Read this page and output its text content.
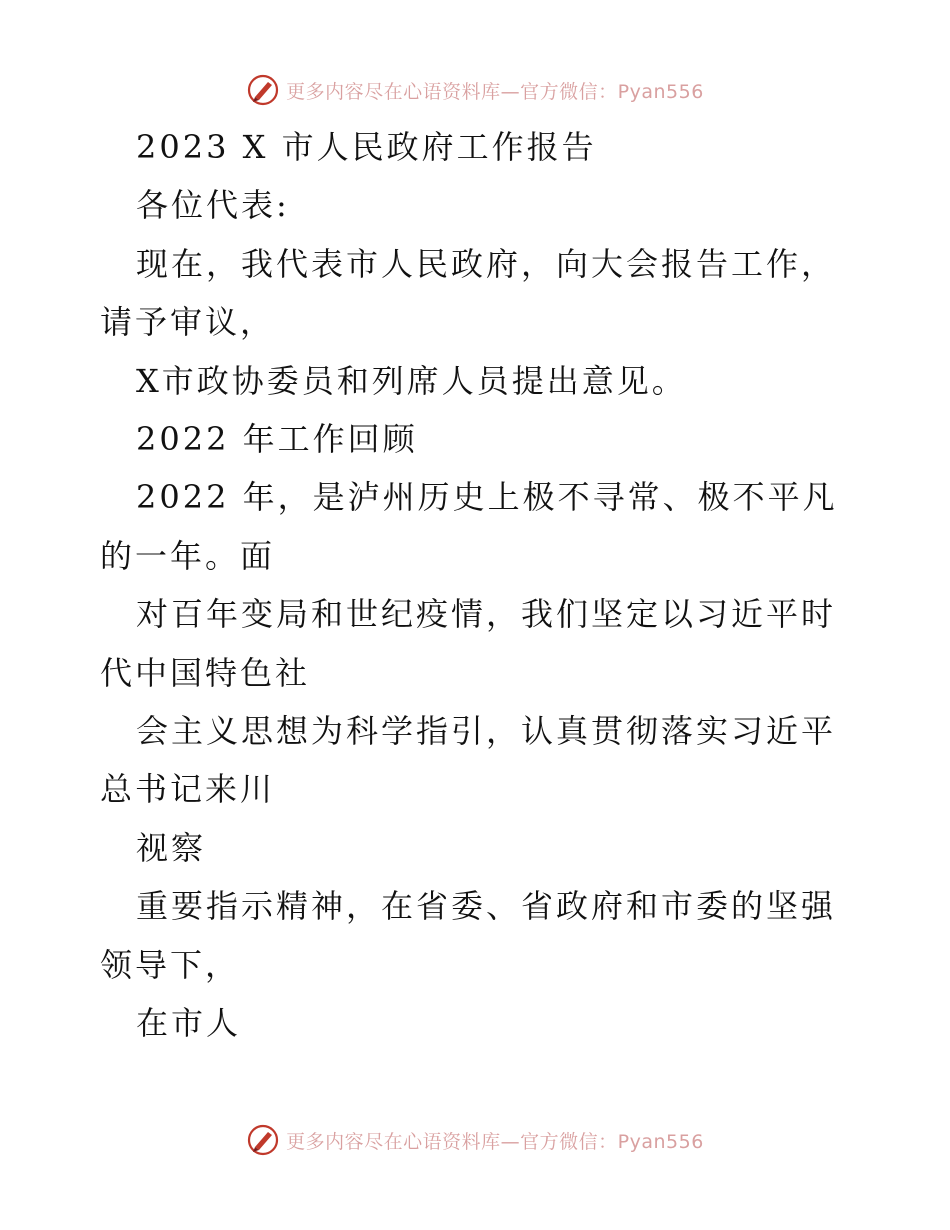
更多内容尽在心语资料库—官方微信：Pyan556

2023 X 市人民政府工作报告

各位代表:

现在，我代表市人民政府，向大会报告工作，请予审议，

X市政协委员和列席人员提出意见。

2022 年工作回顾

2022 年，是泸州历史上极不寻常、极不平凡的一年。面

对百年变局和世纪疫情，我们坚定以习近平时代中国特色社

会主义思想为科学指引，认真贯彻落实习近平总书记来川

视察

重要指示精神，在省委、省政府和市委的坚强领导下，

在市人

更多内容尽在心语资料库—官方微信：Pyan556
